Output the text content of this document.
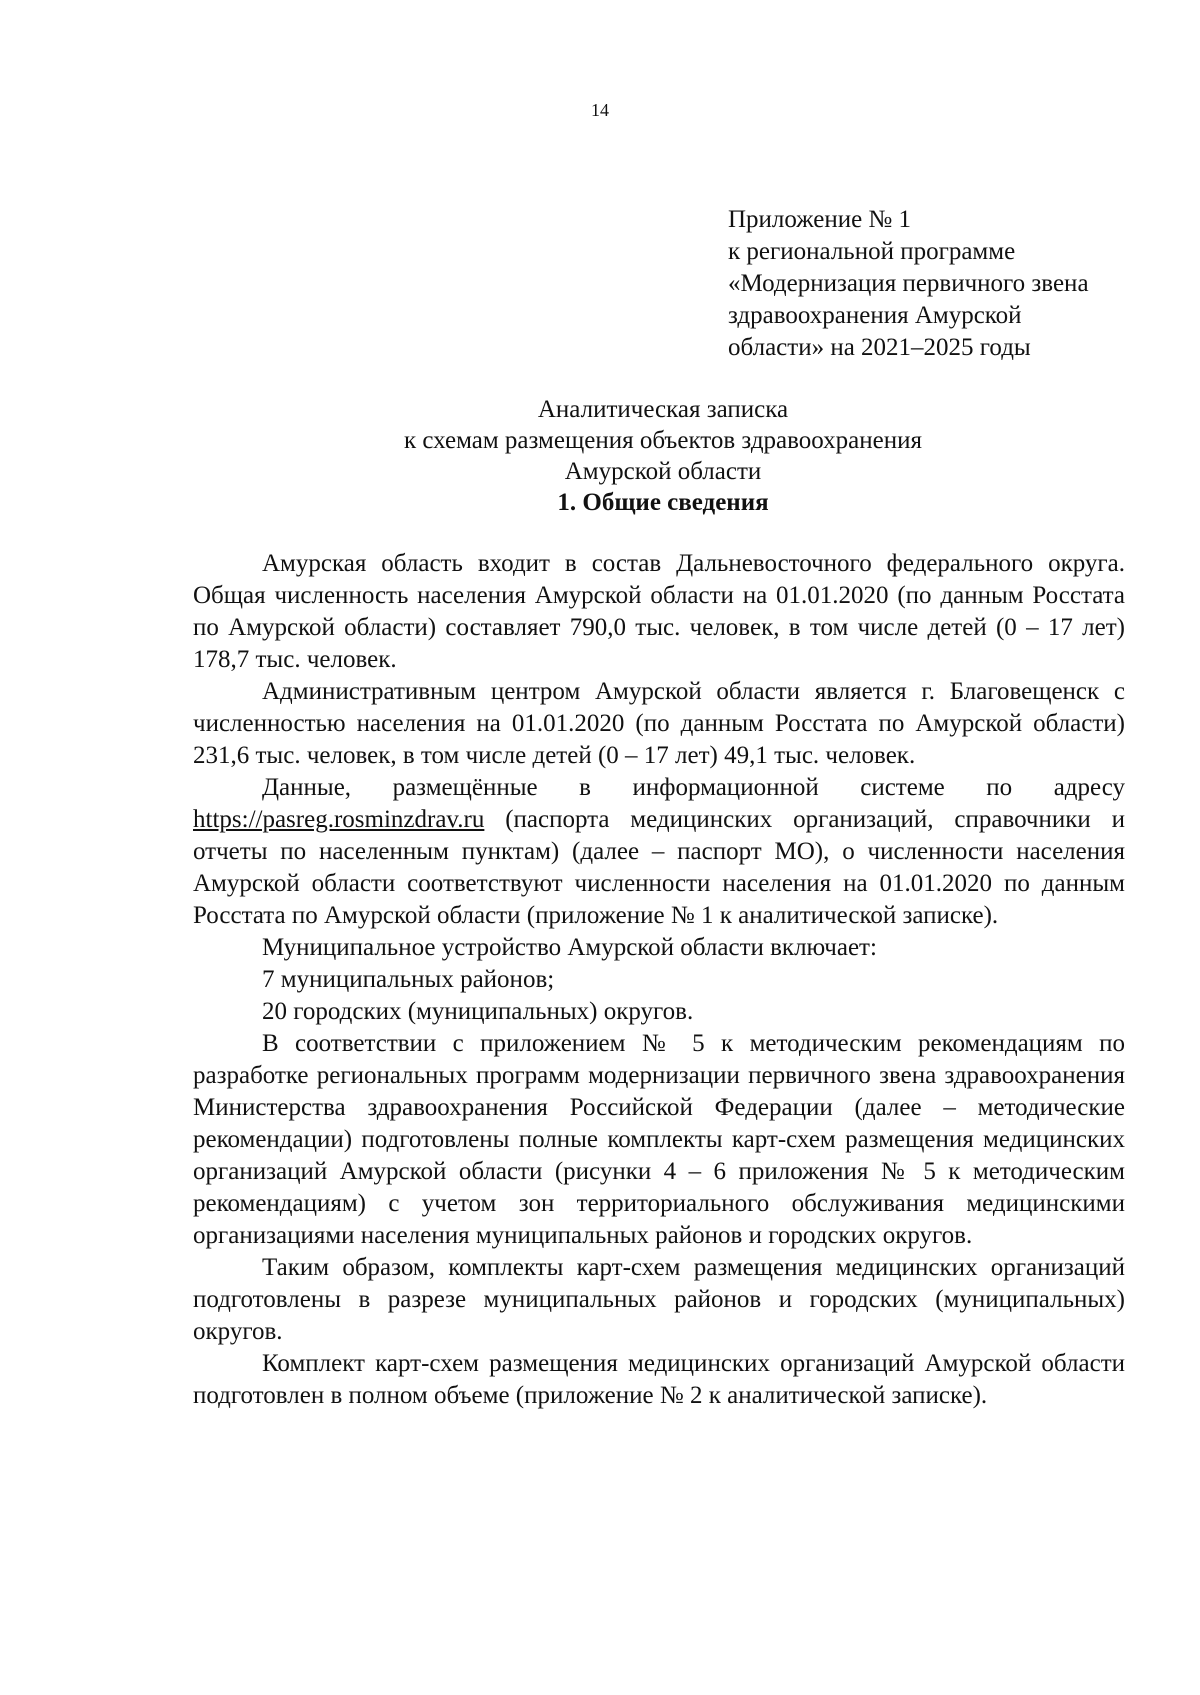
14
Приложение № 1
к региональной программе
«Модернизация первичного звена
здравоохранения Амурской
области» на 2021–2025 годы
Аналитическая записка
к схемам размещения объектов здравоохранения
Амурской области
1. Общие сведения

Амурская область входит в состав Дальневосточного федерального округа. Общая численность населения Амурской области на 01.01.2020 (по данным Росстата по Амурской области) составляет 790,0 тыс. человек, в том числе детей (0 – 17 лет) 178,7 тыс. человек.

Административным центром Амурской области является г. Благовещенск с численностью населения на 01.01.2020 (по данным Росстата по Амурской области) 231,6 тыс. человек, в том числе детей (0 – 17 лет) 49,1 тыс. человек.

Данные, размещённые в информационной системе по адресу https://pasreg.rosminzdrav.ru (паспорта медицинских организаций, справочники и отчеты по населенным пунктам) (далее – паспорт МО), о численности населения Амурской области соответствуют численности населения на 01.01.2020 по данным Росстата по Амурской области (приложение № 1 к аналитической записке).

Муниципальное устройство Амурской области включает:

7 муниципальных районов;

20 городских (муниципальных) округов.

В соответствии с приложением № 5 к методическим рекомендациям по разработке региональных программ модернизации первичного звена здравоохранения Министерства здравоохранения Российской Федерации (далее – методические рекомендации) подготовлены полные комплекты карт-схем размещения медицинских организаций Амурской области (рисунки 4 – 6 приложения № 5 к методическим рекомендациям) с учетом зон территориального обслуживания медицинскими организациями населения муниципальных районов и городских округов.

Таким образом, комплекты карт-схем размещения медицинских организаций подготовлены в разрезе муниципальных районов и городских (муниципальных) округов.

Комплект карт-схем размещения медицинских организаций Амурской области подготовлен в полном объеме (приложение № 2 к аналитической записке).
